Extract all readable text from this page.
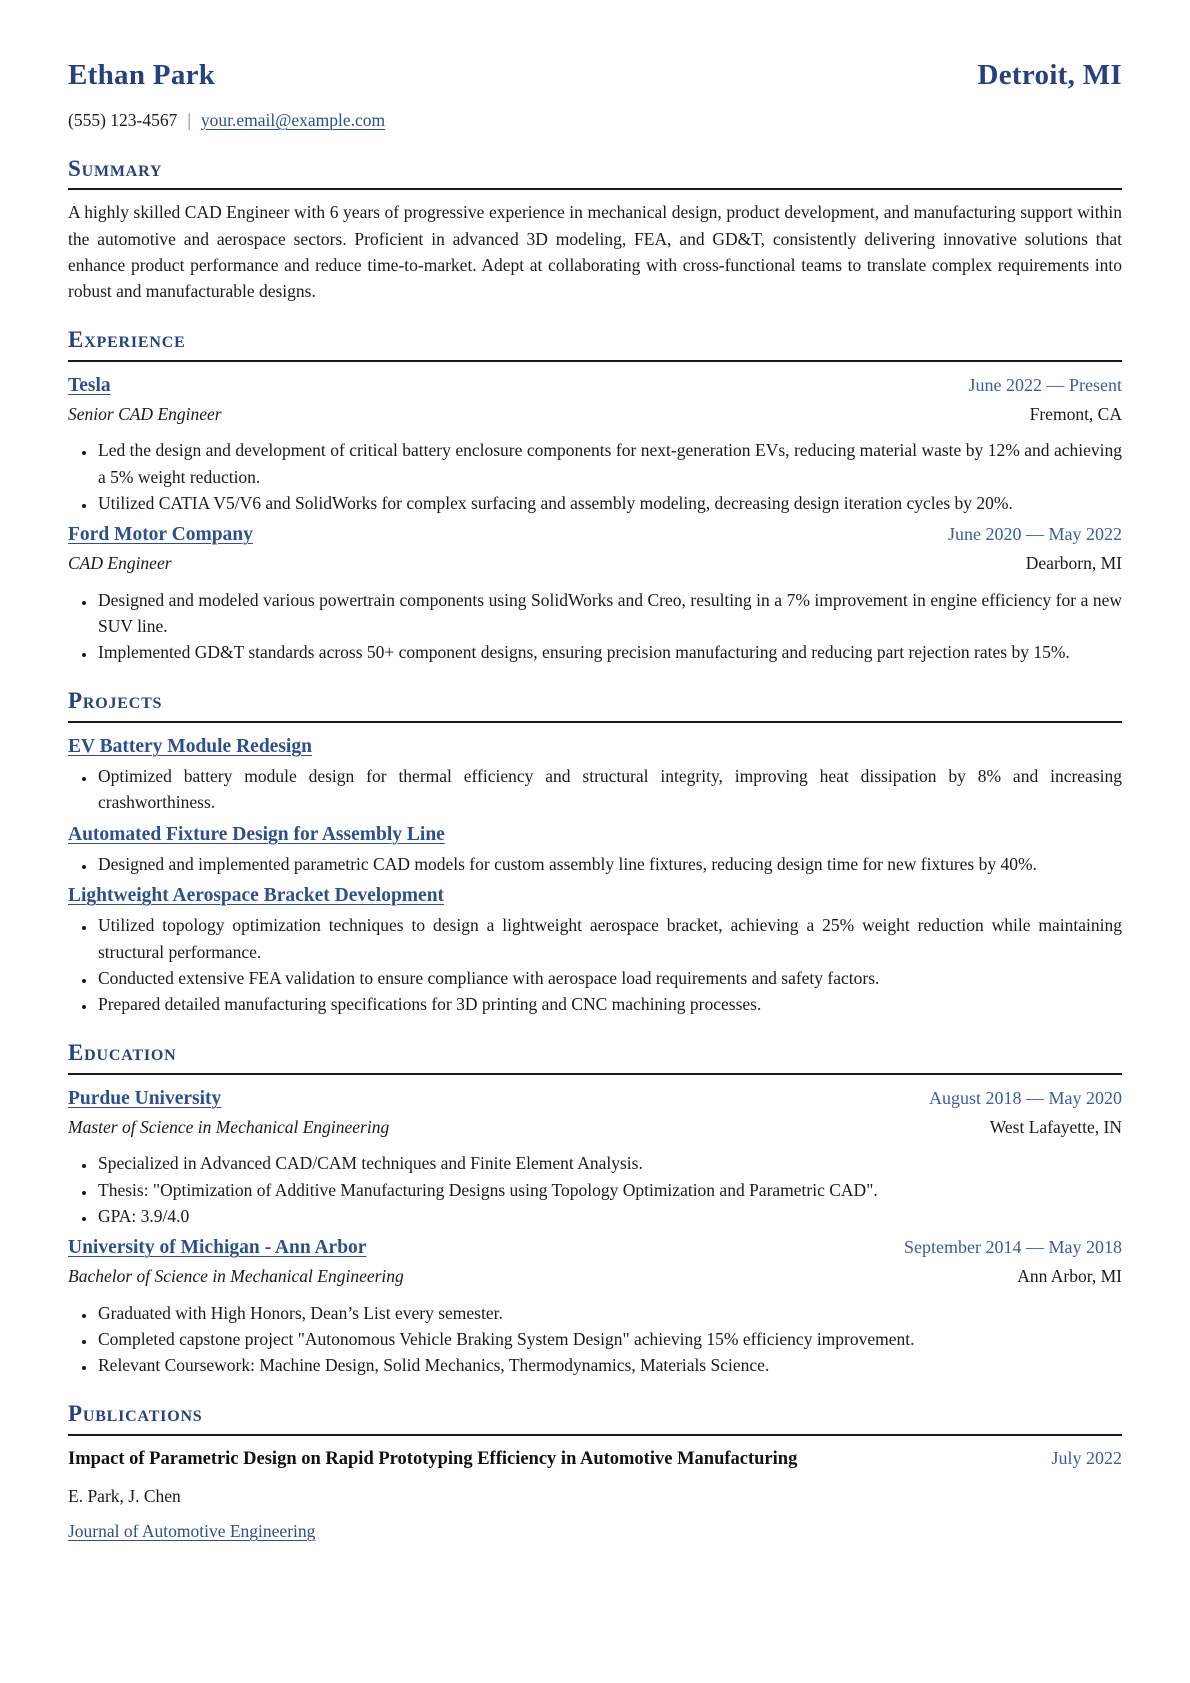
Ethan Park	Detroit, MI
(555) 123-4567 | your.email@example.com
Summary

A highly skilled CAD Engineer with 6 years of progressive experience in mechanical design, product development, and manufacturing support within the automotive and aerospace sectors. Proficient in advanced 3D modeling, FEA, and GD&T, consistently delivering innovative solutions that enhance product performance and reduce time-to-market. Adept at collaborating with cross-functional teams to translate complex requirements into robust and manufacturable designs.

Experience
Tesla	June 2022 — Present
Senior CAD Engineer	Fremont, CA
• Led the design and development of critical battery enclosure components for next-generation EVs, reducing material waste by 12% and achieving a 5% weight reduction.
• Utilized CATIA V5/V6 and SolidWorks for complex surfacing and assembly modeling, decreasing design iteration cycles by 20%.
Ford Motor Company	June 2020 — May 2022
CAD Engineer	Dearborn, MI
• Designed and modeled various powertrain components using SolidWorks and Creo, resulting in a 7% improvement in engine efficiency for a new SUV line.
• Implemented GD&T standards across 50+ component designs, ensuring precision manufacturing and reducing part rejection rates by 15%.
Projects
EV Battery Module Redesign
• Optimized battery module design for thermal efficiency and structural integrity, improving heat dissipation by 8% and increasing crashworthiness.
Automated Fixture Design for Assembly Line
• Designed and implemented parametric CAD models for custom assembly line fixtures, reducing design time for new fixtures by 40%.
Lightweight Aerospace Bracket Development
• Utilized topology optimization techniques to design a lightweight aerospace bracket, achieving a 25% weight reduction while maintaining structural performance.
• Conducted extensive FEA validation to ensure compliance with aerospace load requirements and safety factors.
• Prepared detailed manufacturing specifications for 3D printing and CNC machining processes.
Education
Purdue University	August 2018 — May 2020
Master of Science in Mechanical Engineering	West Lafayette, IN
• Specialized in Advanced CAD/CAM techniques and Finite Element Analysis.
• Thesis: "Optimization of Additive Manufacturing Designs using Topology Optimization and Parametric CAD".
• GPA: 3.9/4.0
University of Michigan - Ann Arbor	September 2014 — May 2018
Bachelor of Science in Mechanical Engineering	Ann Arbor, MI
• Graduated with High Honors, Dean’s List every semester.
• Completed capstone project "Autonomous Vehicle Braking System Design" achieving 15% efficiency improvement.
• Relevant Coursework: Machine Design, Solid Mechanics, Thermodynamics, Materials Science.
Publications
Impact of Parametric Design on Rapid Prototyping Efficiency in Automotive Manufacturing	July 2022
E. Park, J. Chen
Journal of Automotive Engineering
